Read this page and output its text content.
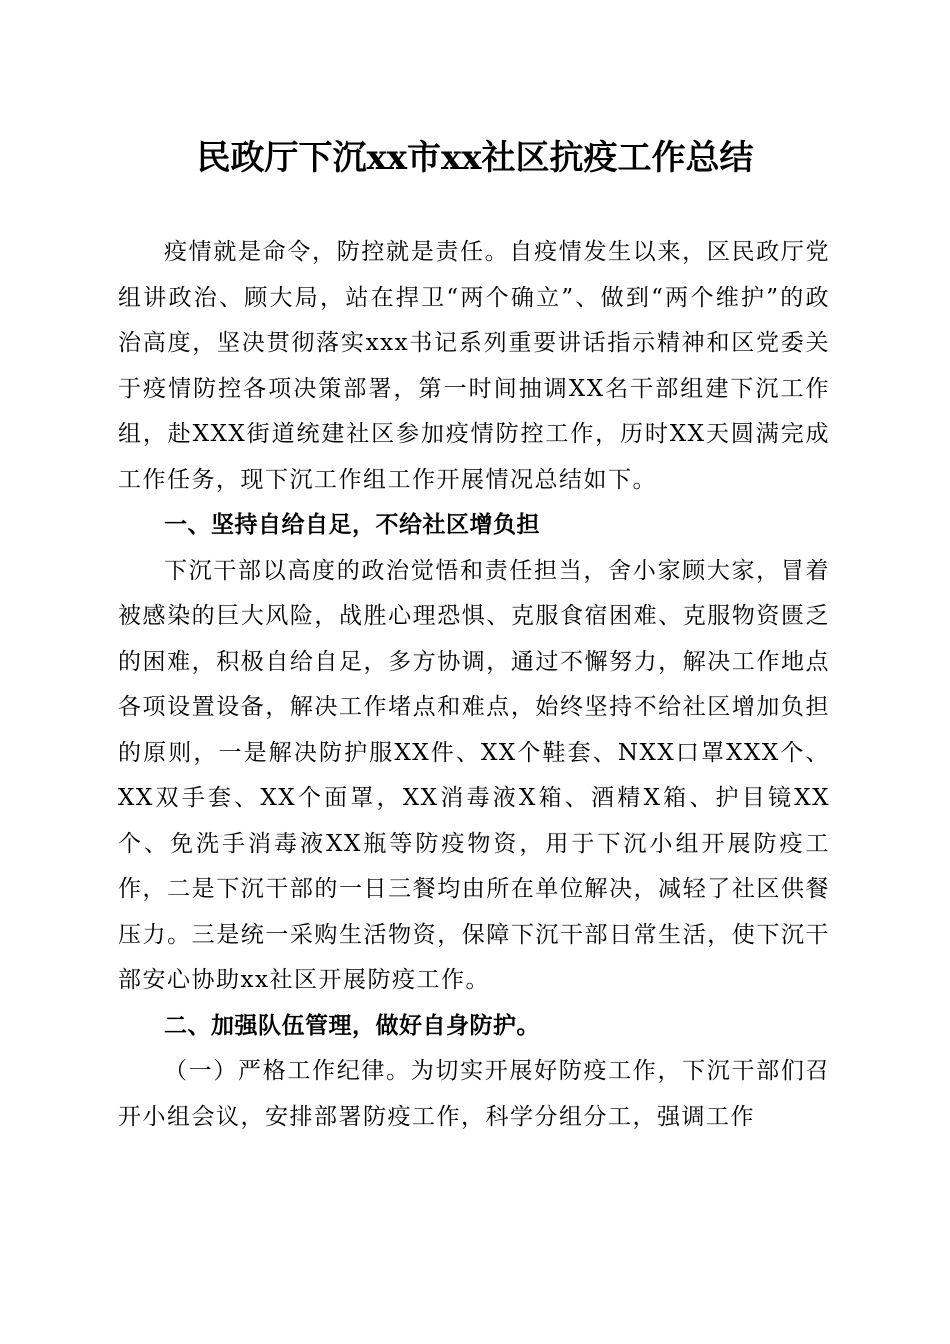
民政厅下沉xx市xx社区抗疫工作总结

疫情就是命令，防控就是责任。自疫情发生以来，区民政厅党组讲政治、顾大局，站在捍卫“两个确立”、做到“两个维护”的政治高度，坚决贯彻落实xxx书记系列重要讲话指示精神和区党委关于疫情防控各项决策部署，第一时间抽调XX名干部组建下沉工作组，赴XXX街道统建社区参加疫情防控工作，历时XX天圆满完成工作任务，现下沉工作组工作开展情况总结如下。

一、坚持自给自足，不给社区增负担

下沉干部以高度的政治觉悟和责任担当，舍小家顾大家，冒着被感染的巨大风险，战胜心理恐惧、克服食宿困难、克服物资匮乏的困难，积极自给自足，多方协调，通过不懈努力，解决工作地点各项设置设备，解决工作堵点和难点，始终坚持不给社区增加负担的原则，一是解决防护服XX件、XX个鞋套、NXX口罩XXX个、XX双手套、XX个面罩，XX消毒液X箱、酒精X箱、护目镜XX个、免洗手消毒液XX瓶等防疫物资，用于下沉小组开展防疫工作，二是下沉干部的一日三餐均由所在单位解决，减轻了社区供餐压力。三是统一采购生活物资，保障下沉干部日常生活，使下沉干部安心协助xx社区开展防疫工作。

二、加强队伍管理，做好自身防护。

（一）严格工作纪律。为切实开展好防疫工作，下沉干部们召开小组会议，安排部署防疫工作，科学分组分工，强调工作
